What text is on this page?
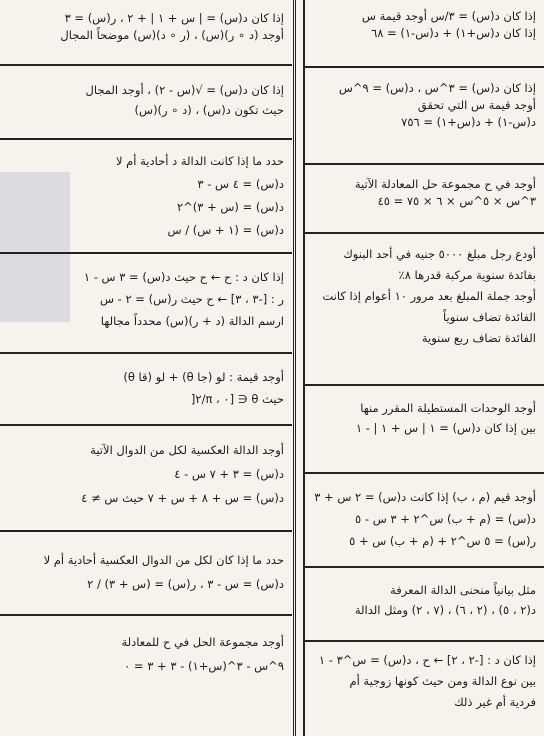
إذا كان د(س) = ٣/س أوجد قيمة س
إذا كان د(س+١) + د(س-١) = ٦٨
إذا كان د(س) = ٣^س ، د(س) = ٩^س
أوجد قيمة س التي تحقق
د(س-١) + د(س+١) = ٧٥٦
أوجد في ح مجموعة حل المعادلة الآتية
٣^س × ٥^س × ٦ × ٧٥ = ٤٥
أودع رجل مبلغ ٥٠٠٠ جنيه في أحد البنوك
بفائدة سنوية مركبة قدرها ٨٪
أوجد جملة المبلغ بعد مرور ١٠ أعوام إذا كانت
الفائدة تضاف سنوياً
الفائدة تضاف ربع سنوية
أوجد الوحدات المستطيلة المقرر منها
بين إذا كان د(س) = ١ | س + ١ | - ١
أوجد قيم (م ، ب) إذا كانت د(س) = ٢ س + ٣
د(س) = (م + ب) س^٢ + ٣ س - ٥
ر(س) = ٥ س^٢ + (م + ب) س + ٥
مثل بيانياً منحنى الدالة المعرفة
د(٢ ، ٥) ، (٢ ، ٦) ، (٧ ، ٢) ومثل الدالة
إذا كان د : [-٢ ، ٢] ← ح ، د(س) = س^٣ - ١
بين نوع الدالة ومن حيث كونها زوجية أم
فردية أم غير ذلك
إذا كان د(س) = | س + ١ | + ٢ ، ر(س) = ٣
أوجد (د ∘ ر)(س) ، (ر ∘ د)(س) موضحاً المجال
إذا كان د(س) = √(س - ٢) ، أوجد المجال
حيث تكون د(س) ، (د ∘ ر)(س)
حدد ما إذا كانت الدالة د أحادية أم لا
د(س) = ٤ س - ٣
د(س) = (س + ٣)^٢
د(س) = (١ + س) / س
إذا كان د : ح ← ح حيث د(س) = ٣ س - ١
ر : [-٣ ، ٣] ← ح حيث ر(س) = ٢ - س
ارسم الدالة (د + ر)(س) محدداً مجالها
أوجد قيمة : لو (جا θ) + لو (قا θ)
حيث θ ∈ [٠ ، π/٢[
أوجد الدالة العكسية لكل من الدوال الآتية
د(س) = ٣ + ٧ س - ٤
د(س) = س + ٨ + س + ٧ حيث س ≠ ٤
حدد ما إذا كان لكل من الدوال العكسية أحادية أم لا
د(س) = س - ٣ ، ر(س) = (س + ٣) / ٢
أوجد مجموعة الحل في ح للمعادلة
٩^س - ٣^(س+١) - ٣ + ٣ = ٠
